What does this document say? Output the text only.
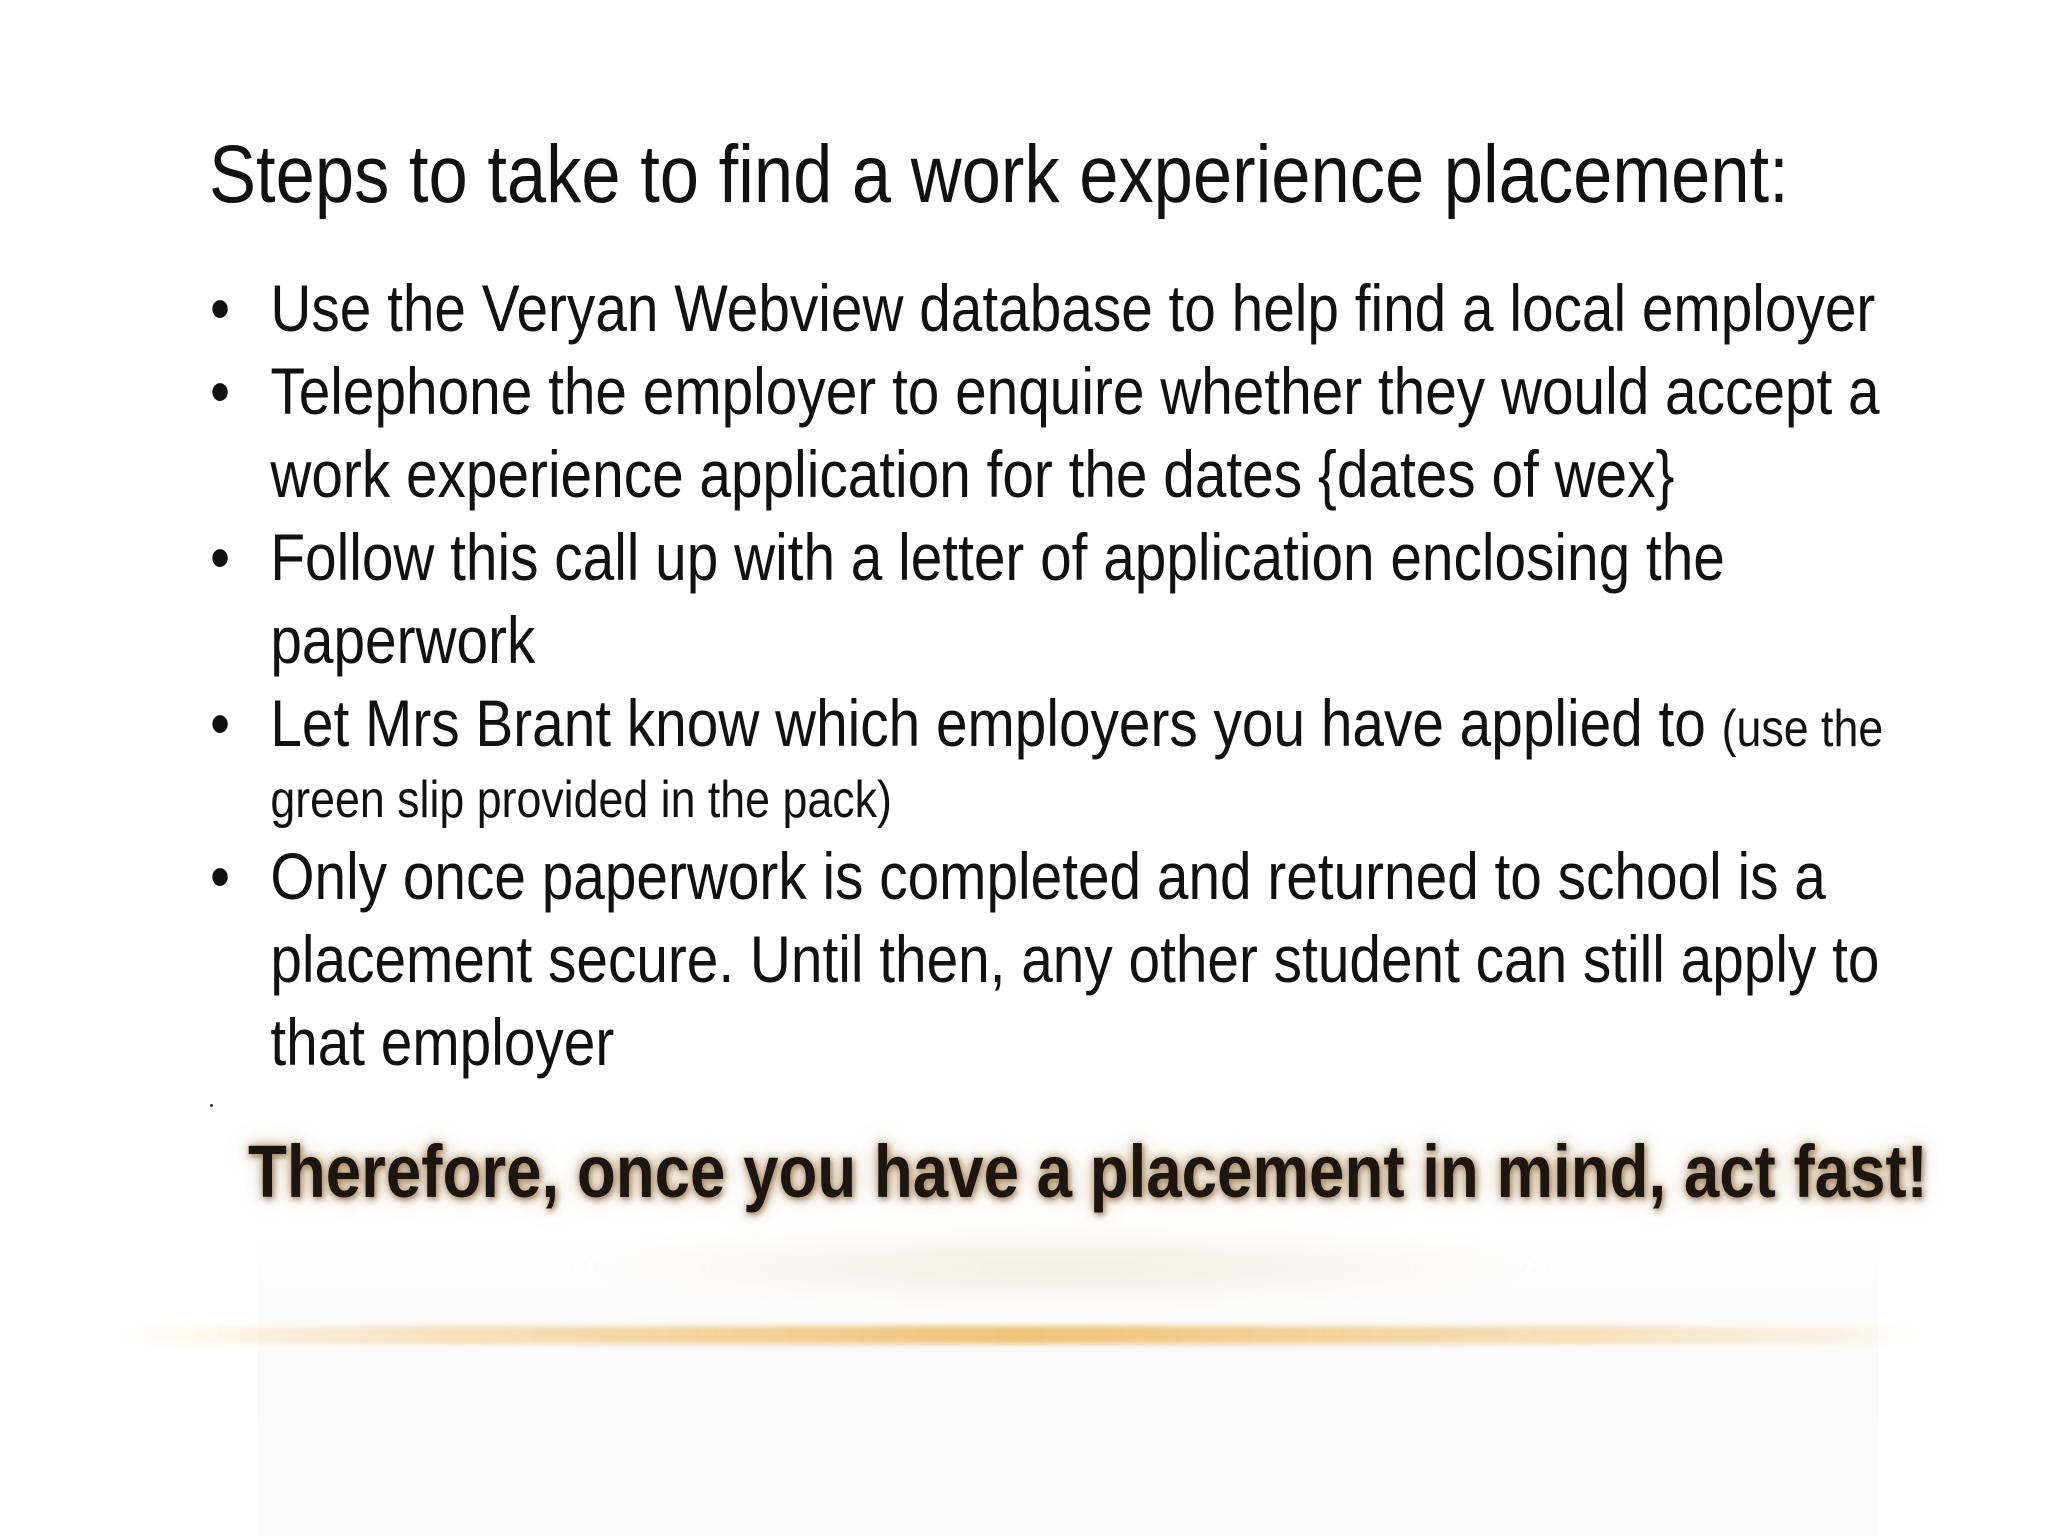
Steps to take to find a work experience placement:
• Use the Veryan Webview database to help find a local employer
• Telephone the employer to enquire whether they would accept a
work experience application for the dates {dates of wex}
• Follow this call up with a letter of application enclosing the
paperwork
• Let Mrs Brant know which employers you have applied to (use the
green slip provided in the pack)
• Only once paperwork is completed and returned to school is a
placement secure. Until then, any other student can still apply to
that employer
Therefore, once you have a placement in mind, act fast!
